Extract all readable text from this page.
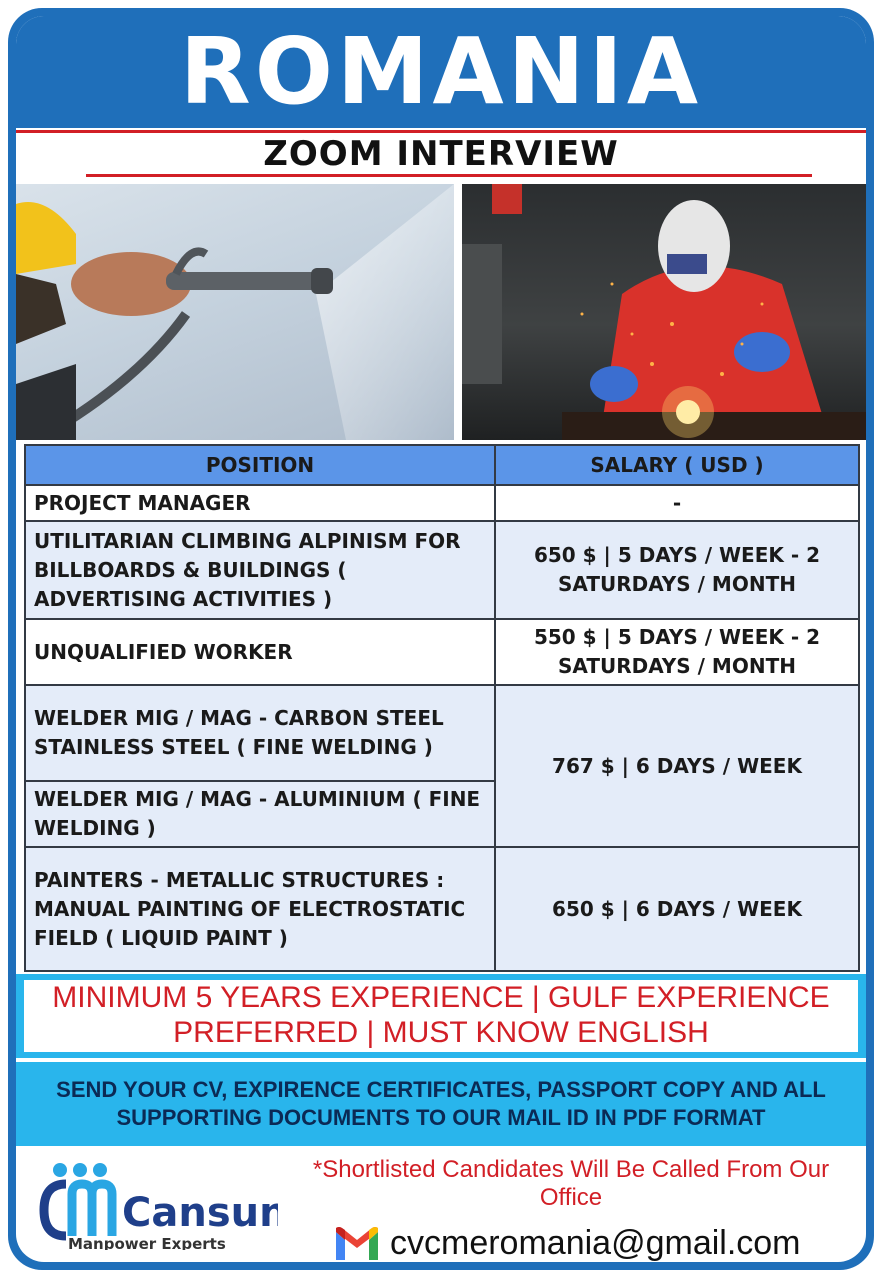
ROMANIA
ZOOM INTERVIEW
POSITION	SALARY ( USD )
PROJECT MANAGER	-
UTILITARIAN CLIMBING ALPINISM FOR BILLBOARDS & BUILDINGS ( ADVERTISING ACTIVITIES )	650 $ | 5 DAYS / WEEK - 2 SATURDAYS / MONTH
UNQUALIFIED WORKER	550 $ | 5 DAYS / WEEK - 2 SATURDAYS / MONTH
WELDER MIG / MAG - CARBON STEEL STAINLESS STEEL ( FINE WELDING )	767 $ | 6 DAYS / WEEK
WELDER MIG / MAG - ALUMINIUM ( FINE WELDING )	
PAINTERS - METALLIC STRUCTURES : MANUAL PAINTING OF ELECTROSTATIC FIELD ( LIQUID PAINT )	650 $ | 6 DAYS / WEEK
MINIMUM 5 YEARS EXPERIENCE | GULF EXPERIENCE PREFERRED | MUST KNOW ENGLISH
SEND YOUR CV, EXPIRENCE CERTIFICATES, PASSPORT COPY AND ALL SUPPORTING DOCUMENTS TO OUR MAIL ID IN PDF FORMAT
Cansun
Manpower Experts
*Shortlisted Candidates Will Be Called From Our Office
cvcmeromania@gmail.com
